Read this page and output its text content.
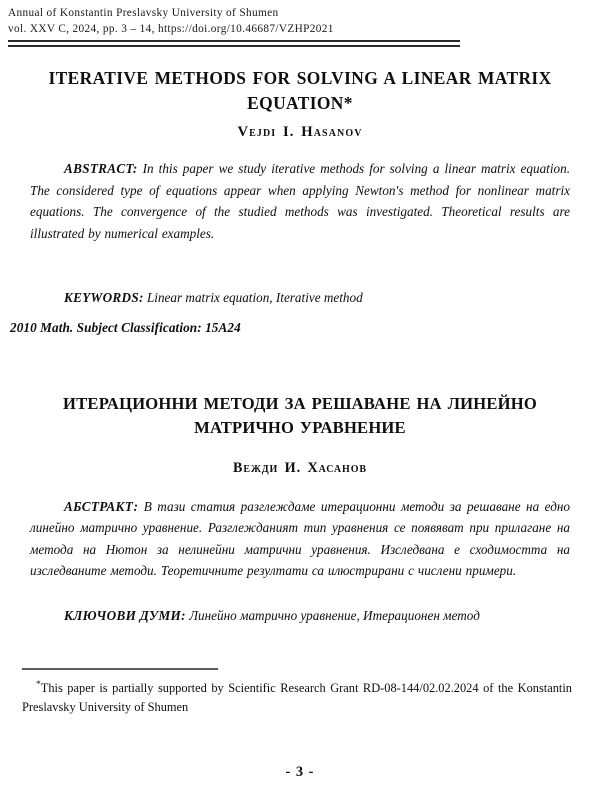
Annual of Konstantin Preslavsky University of Shumen
vol. XXV C, 2024, pp. 3 – 14, https://doi.org/10.46687/VZHP2021
ITERATIVE METHODS FOR SOLVING A LINEAR MATRIX EQUATION*
Vejdi I. Hasanov
ABSTRACT: In this paper we study iterative methods for solving a linear matrix equation. The considered type of equations appear when applying Newton's method for nonlinear matrix equations. The convergence of the studied methods was investigated. Theoretical results are illustrated by numerical examples.
KEYWORDS: Linear matrix equation, Iterative method
2010 Math. Subject Classification: 15A24
ИТЕРАЦИОННИ МЕТОДИ ЗА РЕШАВАНЕ НА ЛИНЕЙНО МАТРИЧНО УРАВНЕНИЕ
Вежди И. Хасанов
АБСТРАКТ: В тази статия разглеждаме итерационни методи за решаване на едно линейно матрично уравнение. Разглежданият тип уравнения се появяват при прилагане на метода на Нютон за нелинейни матрични уравнения. Изследвана е сходимостта на изследваните методи. Теоретичните резултати са илюстрирани с числени примери.
КЛЮЧОВИ ДУМИ: Линейно матрично уравнение, Итерационен метод
*This paper is partially supported by Scientific Research Grant RD-08-144/02.02.2024 of the Konstantin Preslavsky University of Shumen
- 3 -
